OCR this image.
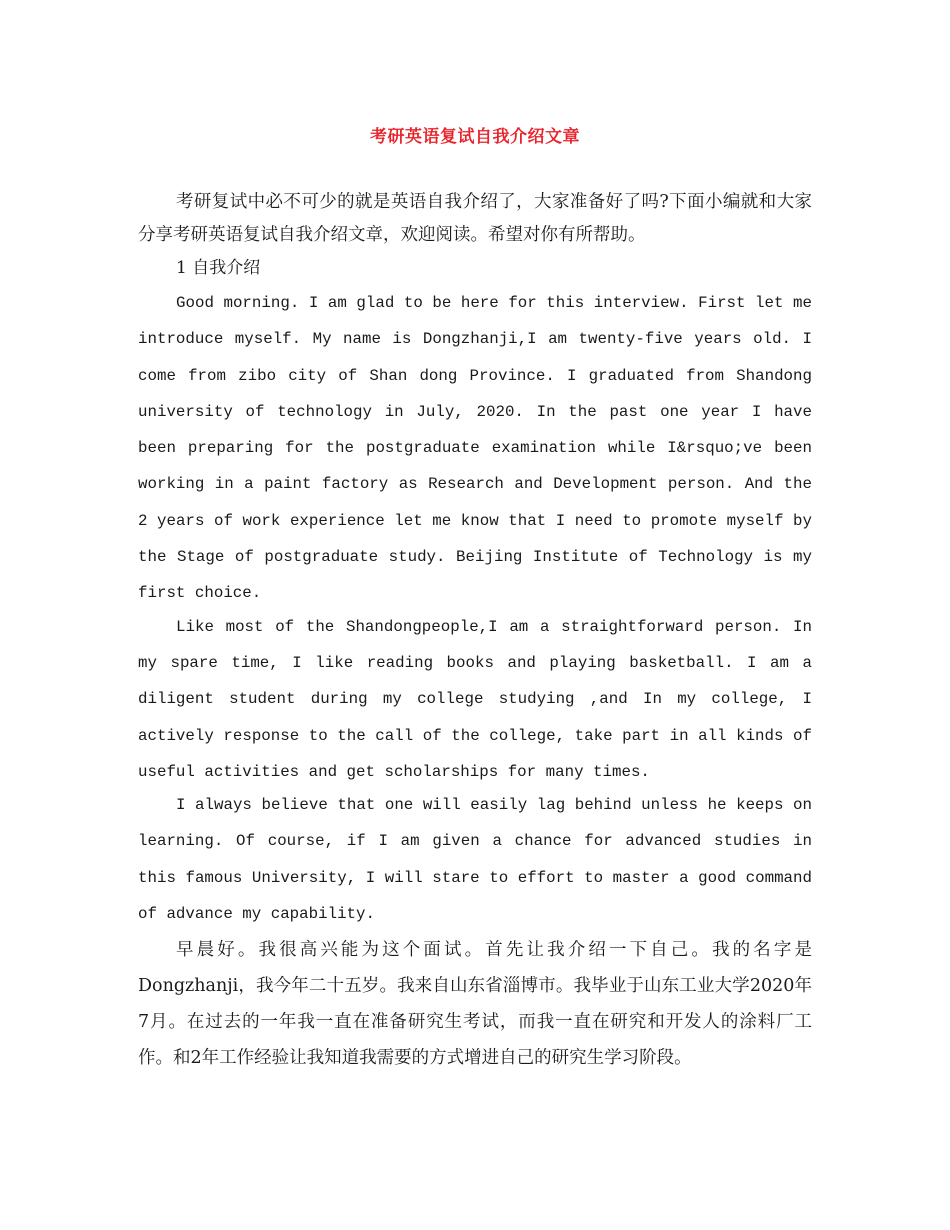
考研英语复试自我介绍文章

考研复试中必不可少的就是英语自我介绍了，大家准备好了吗?下面小编就和大家分享考研英语复试自我介绍文章，欢迎阅读。希望对你有所帮助。

1 自我介绍

Good morning. I am glad to be here for this interview. First let me introduce myself. My name is Dongzhanji,I am twenty-five years old. I come from zibo city of Shan dong Province. I graduated from Shandong university of technology in July, 2020. In the past one year I have been preparing for the postgraduate examination while I&rsquo;ve been working in a paint factory as Research and Development person. And the 2 years of work experience let me know that I need to promote myself by the Stage of postgraduate study. Beijing Institute of Technology is my first choice.

Like most of the Shandongpeople,I am a straightforward person. In my spare time, I like reading books and playing basketball. I am a diligent student during my college studying ,and In my college, I actively response to the call of the college, take part in all kinds of useful activities and get scholarships for many times.

I always believe that one will easily lag behind unless he keeps on learning. Of course, if I am given a chance for advanced studies in this famous University, I will stare to effort to master a good command of advance my capability.

早晨好。我很高兴能为这个面试。首先让我介绍一下自己。我的名字是Dongzhanji，我今年二十五岁。我来自山东省淄博市。我毕业于山东工业大学2020年7月。在过去的一年我一直在准备研究生考试，而我一直在研究和开发人的涂料厂工作。和2年工作经验让我知道我需要的方式增进自己的研究生学习阶段。
